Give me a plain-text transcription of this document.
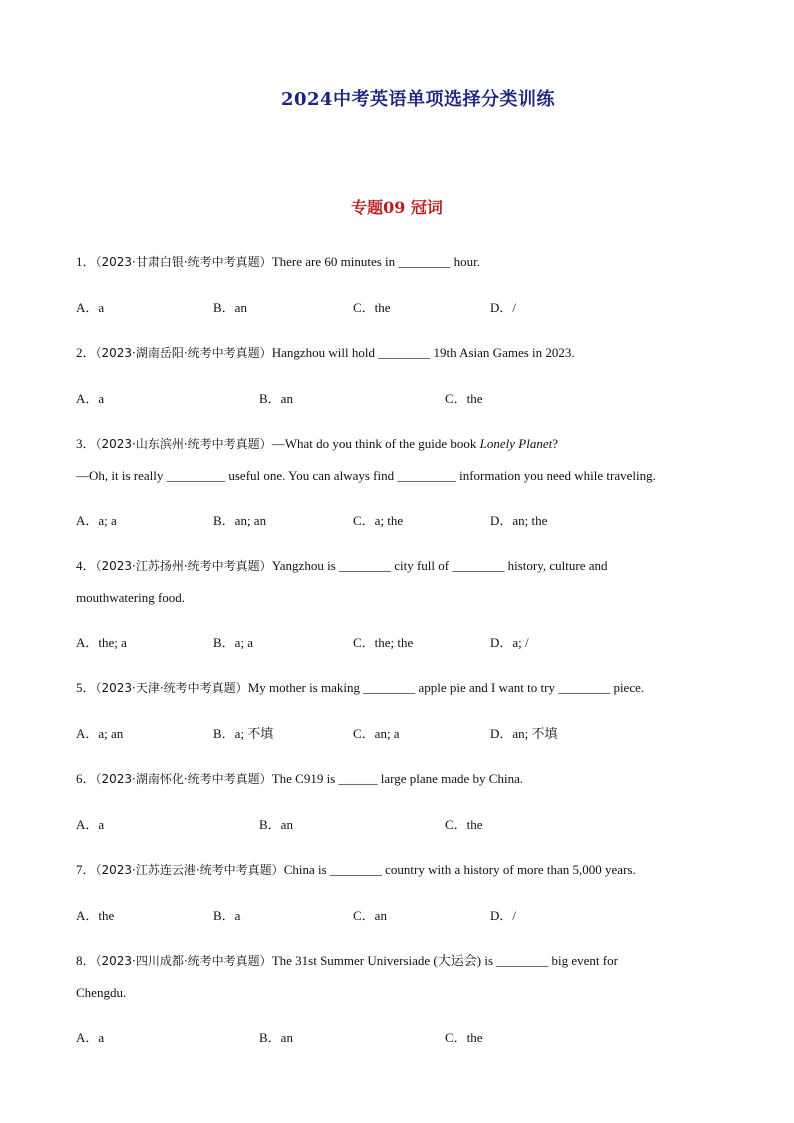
2024中考英语单项选择分类训练
专题09 冠词
1．（2023·甘肃白银·统考中考真题）There are 60 minutes in ________ hour.
A．a	B．an	C．the	D．/
2．（2023·湖南岳阳·统考中考真题）Hangzhou will hold ________ 19th Asian Games in 2023.
A．a	B．an	C．the
3．（2023·山东滨州·统考中考真题）—What do you think of the guide book Lonely Planet?
—Oh, it is really _________ useful one. You can always find _________ information you need while traveling.
A．a; a	B．an; an	C．a; the	D．an; the
4．（2023·江苏扬州·统考中考真题）Yangzhou is ________ city full of ________ history, culture and
mouthwatering food.
A．the; a	B．a; a	C．the; the	D．a; /
5．（2023·天津·统考中考真题）My mother is making ________ apple pie and I want to try ________ piece.
A．a; an	B．a; 不填	C．an; a	D．an; 不填
6．（2023·湖南怀化·统考中考真题）The C919 is ______ large plane made by China.
A．a	B．an	C．the
7．（2023·江苏连云港·统考中考真题）China is ________ country with a history of more than 5,000 years.
A．the	B．a	C．an	D．/
8．（2023·四川成都·统考中考真题）The 31st Summer Universiade (大运会) is ________ big event for
Chengdu.
A．a	B．an	C．the
